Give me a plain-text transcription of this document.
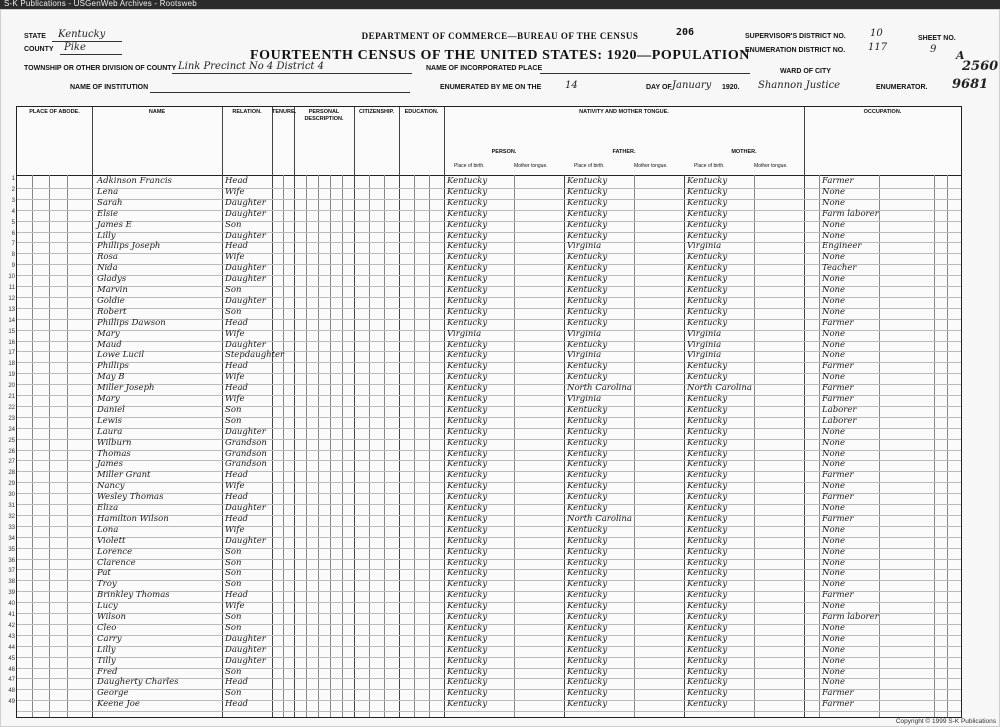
S-K Publications - USGenWeb Archives - Rootsweb
STATE Kentucky
COUNTY Pike
TOWNSHIP OR OTHER DIVISION OF COUNTY Link Precinct No 4 District 4
NAME OF INSTITUTION
DEPARTMENT OF COMMERCE—BUREAU OF THE CENSUS	206
FOURTEENTH CENSUS OF THE UNITED STATES: 1920—POPULATION
NAME OF INCORPORATED PLACE
ENUMERATED BY ME ON THE 14	DAY OF January 1920. Shannon Justice	ENUMERATOR.
SUPERVISOR'S DISTRICT NO. 10
ENUMERATION DISTRICT NO. 117
WARD OF CITY
SHEET NO.
9 A
2560
9681
PLACE OF ABODE.	NAME	RELATION.	TENURE.	PERSONAL DESCRIPTION.
CITIZENSHIP.	EDUCATION.	NATIVITY AND MOTHER TONGUE.
PERSON.	FATHER.	MOTHER.
Place of birth.	Mother tongue.	Place of birth.	Mother tongue.	Place of birth.	Mother tongue.
OCCUPATION.
1	Adkinson Francis	Head	Kentucky	Kentucky	Kentucky	Farmer
2	Lena	Wife	Kentucky	Kentucky	Kentucky	None
3	Sarah	Daughter	Kentucky	Kentucky	Kentucky	None
4	Elsie	Daughter	Kentucky	Kentucky	Kentucky	Farm laborer
5	James E	Son	Kentucky	Kentucky	Kentucky	None
6	Lilly	Daughter	Kentucky	Kentucky	Kentucky	None
7	Phillips Joseph	Head	Kentucky	Virginia	Virginia	Engineer
8	Rosa	Wife	Kentucky	Kentucky	Kentucky	None
9	Nida	Daughter	Kentucky	Kentucky	Kentucky	Teacher
10	Gladys	Daughter	Kentucky	Kentucky	Kentucky	None
11	Marvin	Son	Kentucky	Kentucky	Kentucky	None
12	Goldie	Daughter	Kentucky	Kentucky	Kentucky	None
13	Robert	Son	Kentucky	Kentucky	Kentucky	None
14	Phillips Dawson	Head	Kentucky	Kentucky	Kentucky	Farmer
15	Mary	Wife	Virginia	Virginia	Virginia	None
16	Maud	Daughter	Kentucky	Kentucky	Virginia	None
17	Lowe Lucil	Stepdaughter	Kentucky	Virginia	Virginia	None
18	Phillips	Head	Kentucky	Kentucky	Kentucky	Farmer
19	May B	Wife	Kentucky	Kentucky	Kentucky	None
20	Miller Joseph	Head	Kentucky	North Carolina	North Carolina	Farmer
21	Mary	Wife	Kentucky	Virginia	Kentucky	Farmer
22	Daniel	Son	Kentucky	Kentucky	Kentucky	Laborer
23	Lewis	Son	Kentucky	Kentucky	Kentucky	Laborer
24	Laura	Daughter	Kentucky	Kentucky	Kentucky	None
25	Wilburn	Grandson	Kentucky	Kentucky	Kentucky	None
26	Thomas	Grandson	Kentucky	Kentucky	Kentucky	None
27	James	Grandson	Kentucky	Kentucky	Kentucky	None
28	Miller Grant	Head	Kentucky	Kentucky	Kentucky	Farmer
29	Nancy	Wife	Kentucky	Kentucky	Kentucky	None
30	Wesley Thomas	Head	Kentucky	Kentucky	Kentucky	Farmer
31	Eliza	Daughter	Kentucky	Kentucky	Kentucky	None
32	Hamilton Wilson	Head	Kentucky	North Carolina	Kentucky	Farmer
33	Lona	Wife	Kentucky	Kentucky	Kentucky	None
34	Violett	Daughter	Kentucky	Kentucky	Kentucky	None
35	Lorence	Son	Kentucky	Kentucky	Kentucky	None
36	Clarence	Son	Kentucky	Kentucky	Kentucky	None
37	Pat	Son	Kentucky	Kentucky	Kentucky	None
38	Troy	Son	Kentucky	Kentucky	Kentucky	None
39	Brinkley Thomas	Head	Kentucky	Kentucky	Kentucky	Farmer
40	Lucy	Wife	Kentucky	Kentucky	Kentucky	None
41	Wilson	Son	Kentucky	Kentucky	Kentucky	Farm laborer
42	Cleo	Son	Kentucky	Kentucky	Kentucky	None
43	Carry	Daughter	Kentucky	Kentucky	Kentucky	None
44	Lilly	Daughter	Kentucky	Kentucky	Kentucky	None
45	Tilly	Daughter	Kentucky	Kentucky	Kentucky	None
46	Fred	Son	Kentucky	Kentucky	Kentucky	None
47	Daugherty Charles	Head	Kentucky	Kentucky	Kentucky	None
48	George	Son	Kentucky	Kentucky	Kentucky	Farmer
49	Keene Joe	Head	Kentucky	Kentucky	Kentucky	Farmer
Copyright © 1999 S-K Publications
